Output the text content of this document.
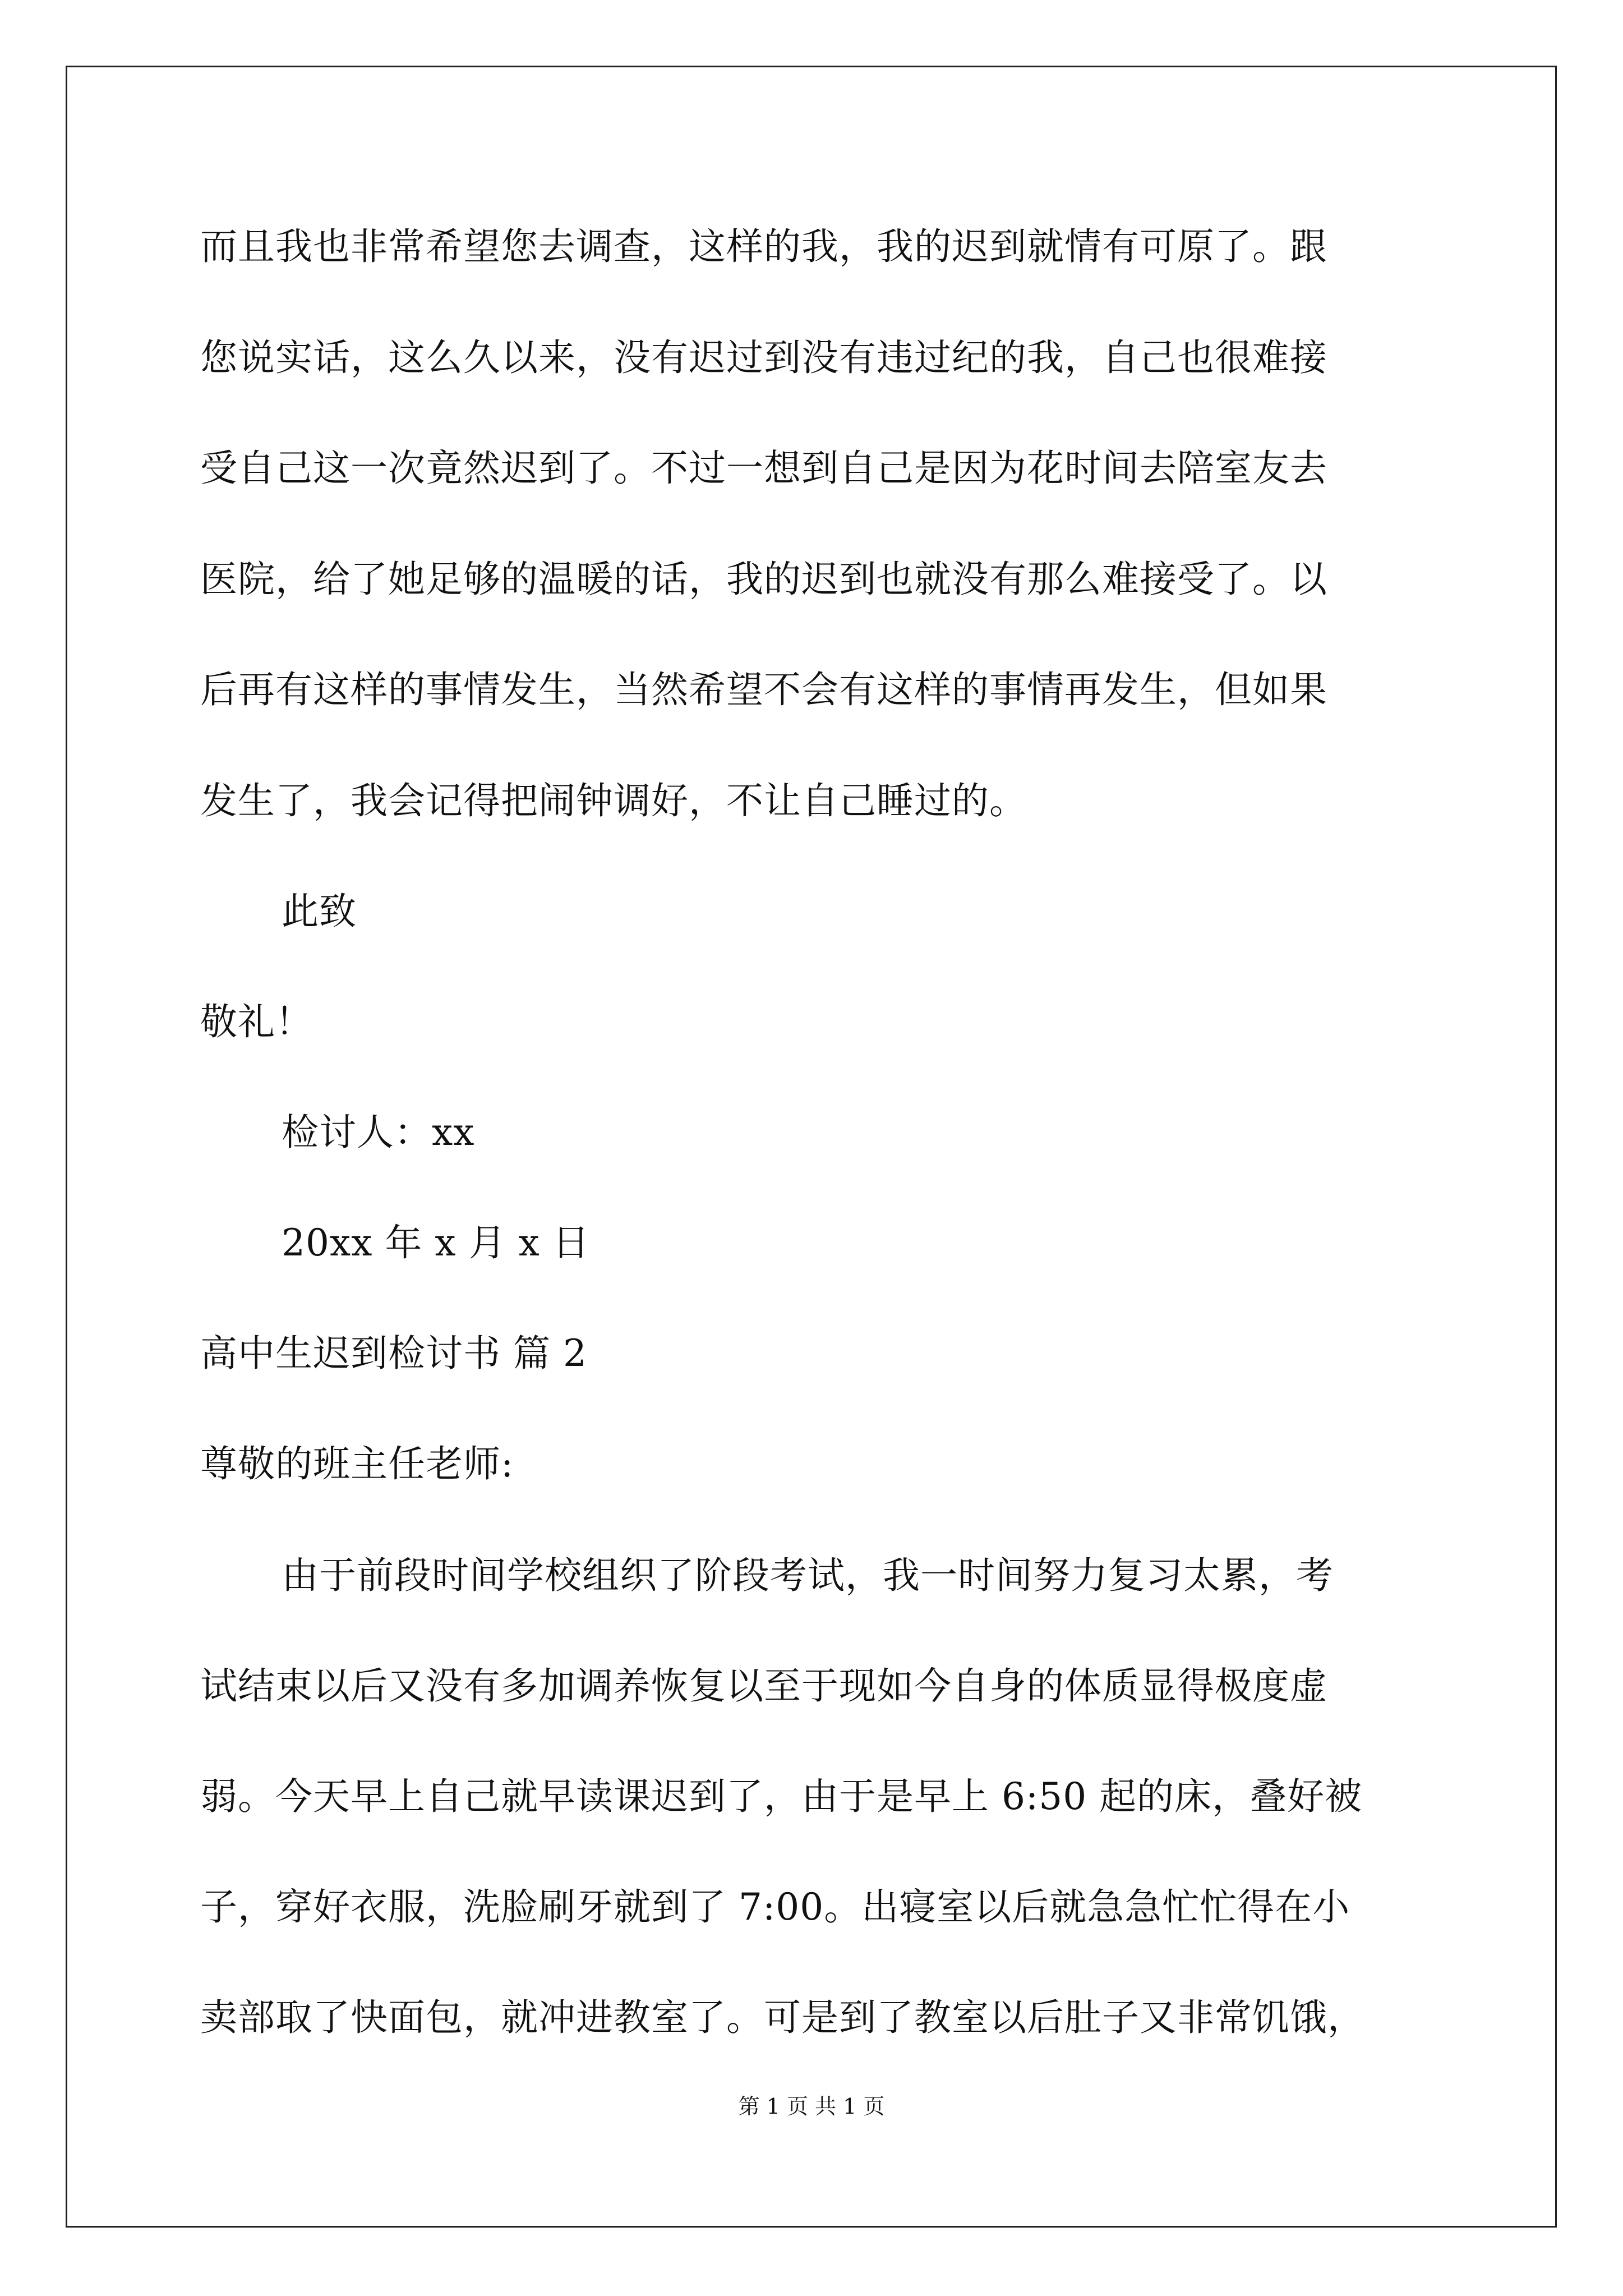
而且我也非常希望您去调查，这样的我，我的迟到就情有可原了。跟
您说实话，这么久以来，没有迟过到没有违过纪的我，自己也很难接
受自己这一次竟然迟到了。不过一想到自己是因为花时间去陪室友去
医院，给了她足够的温暖的话，我的迟到也就没有那么难接受了。以
后再有这样的事情发生，当然希望不会有这样的事情再发生，但如果
发生了，我会记得把闹钟调好，不让自己睡过的。
此致
敬礼！
检讨人：xx
20xx 年 x 月 x 日
高中生迟到检讨书 篇 2
尊敬的班主任老师:
由于前段时间学校组织了阶段考试，我一时间努力复习太累，考
试结束以后又没有多加调养恢复以至于现如今自身的体质显得极度虚
弱。今天早上自己就早读课迟到了，由于是早上 6:50 起的床，叠好被
子，穿好衣服，洗脸刷牙就到了 7:00。出寝室以后就急急忙忙得在小
卖部取了快面包，就冲进教室了。可是到了教室以后肚子又非常饥饿，
第 1 页 共 1 页
